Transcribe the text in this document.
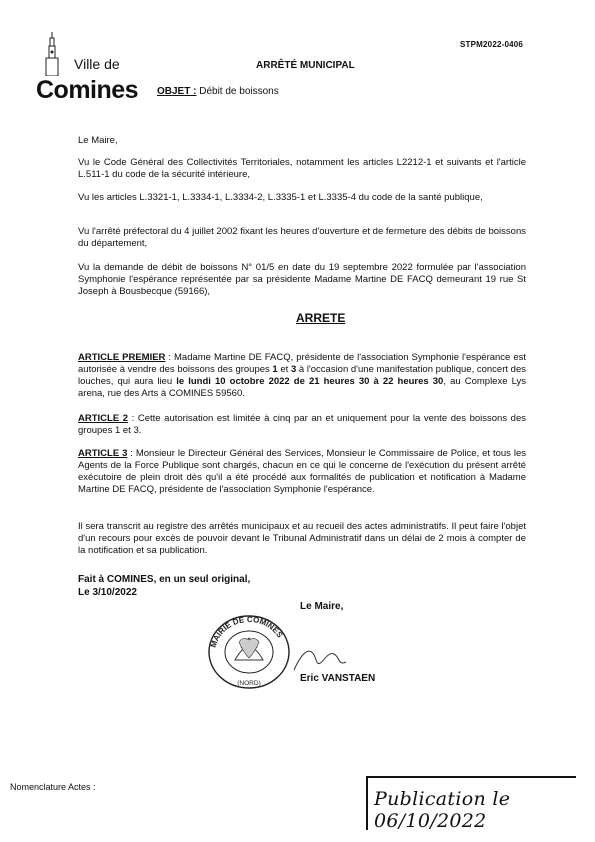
STPM2022-0406
Ville de
Comines
ARRÊTÉ MUNICIPAL
OBJET : Débit de boissons
Le Maire,
Vu le Code Général des Collectivités Territoriales, notamment les articles L2212-1 et suivants et l'article L.511-1 du code de la sécurité intérieure,
Vu les articles L.3321-1, L.3334-1, L.3334-2, L.3335-1 et L.3335-4 du code de la santé publique,
Vu l'arrêté préfectoral du 4 juillet 2002 fixant les heures d'ouverture et de fermeture des débits de boissons du département,
Vu la demande de débit de boissons N° 01/5 en date du 19 septembre 2022 formulée par l'association Symphonie l'espérance représentée par sa présidente Madame Martine DE FACQ demeurant 19 rue St Joseph à Bousbecque (59166),
ARRETE
ARTICLE PREMIER : Madame Martine DE FACQ, présidente de l'association Symphonie l'espérance est autorisée à vendre des boissons des groupes 1 et 3 à l'occasion d'une manifestation publique, concert des louches, qui aura lieu le lundi 10 octobre 2022 de 21 heures 30 à 22 heures 30, au Complexe Lys arena, rue des Arts à COMINES 59560.
ARTICLE 2 : Cette autorisation est limitée à cinq par an et uniquement pour la vente des boissons des groupes 1 et 3.
ARTICLE 3 : Monsieur le Directeur Général des Services, Monsieur le Commissaire de Police, et tous les Agents de la Force Publique sont chargés, chacun en ce qui le concerne de l'exécution du présent arrêté exécutoire de plein droit dès qu'il a été procédé aux formalités de publication et notification à Madame Martine DE FACQ, présidente de l'association Symphonie l'espérance.
Il sera transcrit au registre des arrêtés municipaux et au recueil des actes administratifs. Il peut faire l'objet d'un recours pour excès de pouvoir devant le Tribunal Administratif dans un délai de 2 mois à compter de la notification et sa publication.
Fait à COMINES, en un seul original,
Le 3/10/2022
Le Maire,
MAIRIE DE COMINES
(NORD)	Eric VANSTAEN
Nomenclature Actes :
Publication le 06/10/2022
